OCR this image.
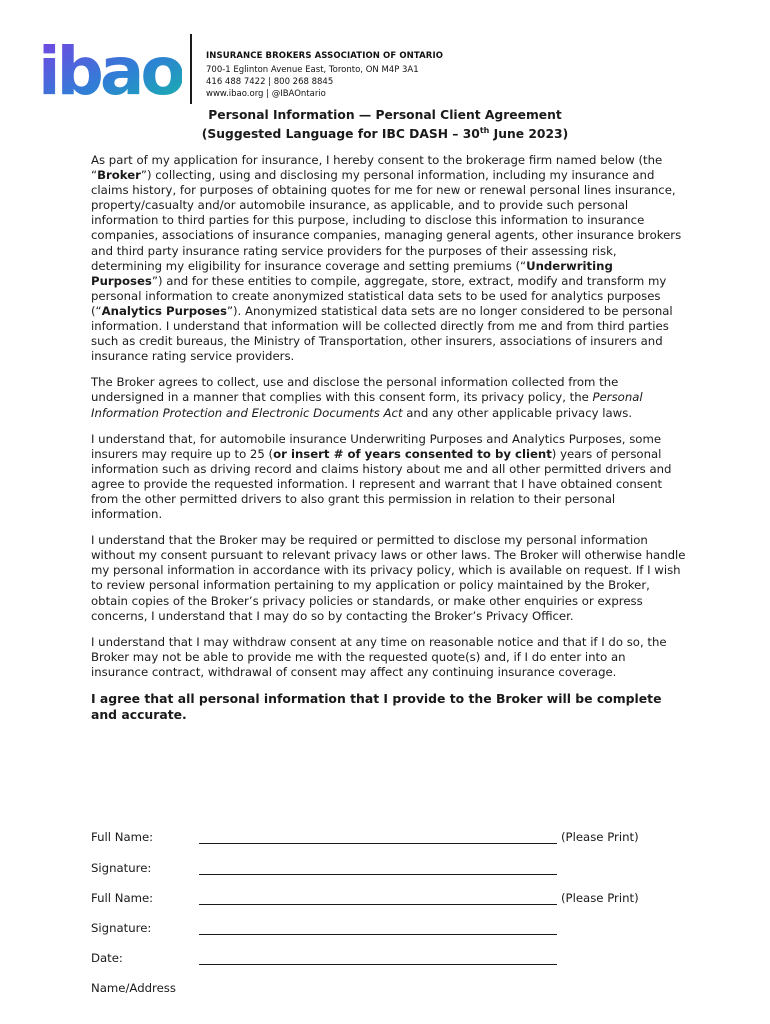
ibao	INSURANCE BROKERS ASSOCIATION OF ONTARIO
700-1 Eglinton Avenue East, Toronto, ON M4P 3A1
416 488 7422 | 800 268 8845
www.ibao.org | @IBAOntario
Personal Information — Personal Client Agreement
(Suggested Language for IBC DASH – 30th June 2023)

As part of my application for insurance, I hereby consent to the brokerage firm named below (the “Broker”) collecting, using and disclosing my personal information, including my insurance and claims history, for purposes of obtaining quotes for me for new or renewal personal lines insurance, property/casualty and/or automobile insurance, as applicable, and to provide such personal information to third parties for this purpose, including to disclose this information to insurance companies, associations of insurance companies, managing general agents, other insurance brokers and third party insurance rating service providers for the purposes of their assessing risk, determining my eligibility for insurance coverage and setting premiums (“Underwriting Purposes”) and for these entities to compile, aggregate, store, extract, modify and transform my personal information to create anonymized statistical data sets to be used for analytics purposes (“Analytics Purposes”). Anonymized statistical data sets are no longer considered to be personal information. I understand that information will be collected directly from me and from third parties such as credit bureaus, the Ministry of Transportation, other insurers, associations of insurers and insurance rating service providers.

The Broker agrees to collect, use and disclose the personal information collected from the undersigned in a manner that complies with this consent form, its privacy policy, the Personal Information Protection and Electronic Documents Act and any other applicable privacy laws.

I understand that, for automobile insurance Underwriting Purposes and Analytics Purposes, some insurers may require up to 25 (or insert # of years consented to by client) years of personal information such as driving record and claims history about me and all other permitted drivers and agree to provide the requested information. I represent and warrant that I have obtained consent from the other permitted drivers to also grant this permission in relation to their personal information.

I understand that the Broker may be required or permitted to disclose my personal information without my consent pursuant to relevant privacy laws or other laws. The Broker will otherwise handle my personal information in accordance with its privacy policy, which is available on request. If I wish to review personal information pertaining to my application or policy maintained by the Broker, obtain copies of the Broker’s privacy policies or standards, or make other enquiries or express concerns, I understand that I may do so by contacting the Broker’s Privacy Officer.

I understand that I may withdraw consent at any time on reasonable notice and that if I do so, the Broker may not be able to provide me with the requested quote(s) and, if I do enter into an insurance contract, withdrawal of consent may affect any continuing insurance coverage.

I agree that all personal information that I provide to the Broker will be complete and accurate.

Full Name:	(Please Print)
Signature:
Full Name:	(Please Print)
Signature:
Date:
Name/Address
